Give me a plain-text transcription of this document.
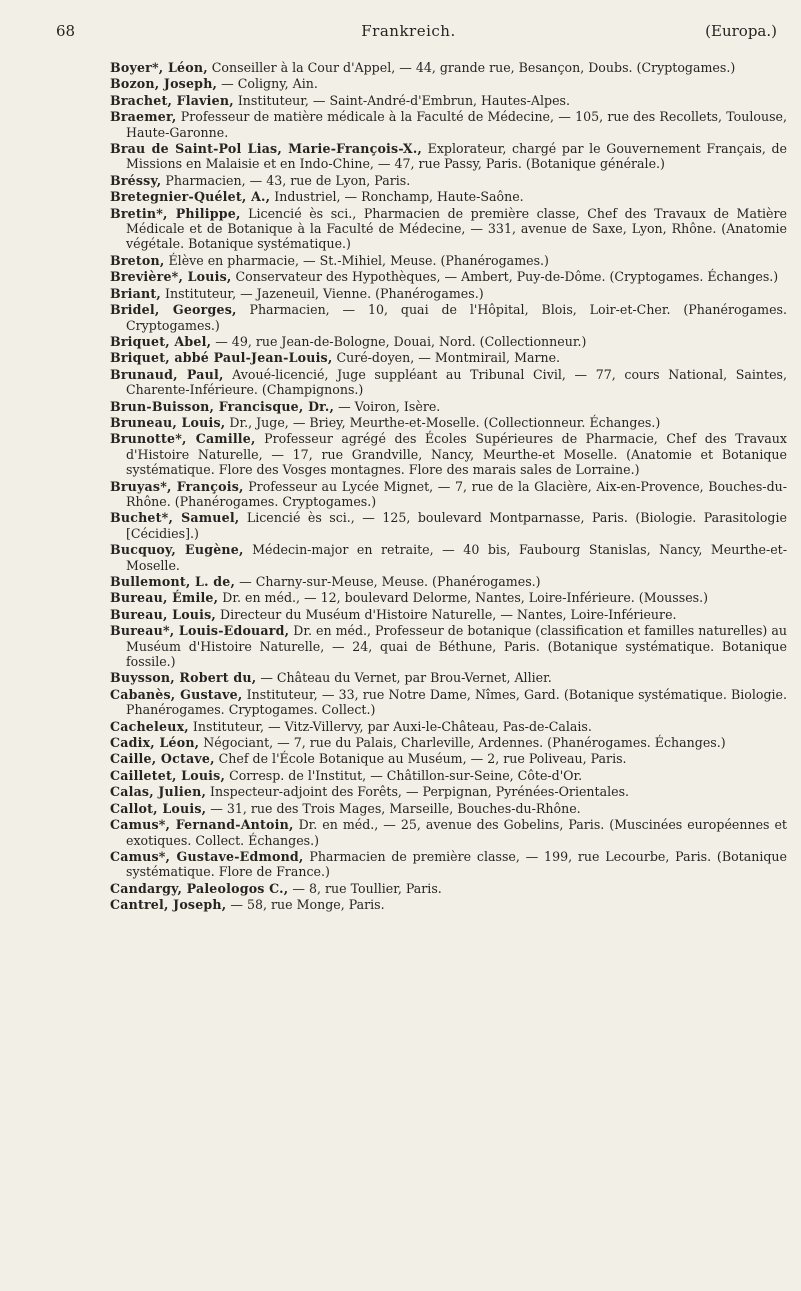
68	Frankreich.	(Europa.)

Boyer*, Léon, Conseiller à la Cour d'Appel, — 44, grande rue, Besançon, Doubs. (Cryptogames.)

Bozon, Joseph, — Coligny, Ain.

Brachet, Flavien, Instituteur, — Saint-André-d'Embrun, Hautes-Alpes.

Braemer, Professeur de matière médicale à la Faculté de Médecine, — 105, rue des Recollets, Toulouse, Haute-Garonne.

Brau de Saint-Pol Lias, Marie-François-X., Explorateur, chargé par le Gouvernement Français, de Missions en Malaisie et en Indo-Chine, — 47, rue Passy, Paris. (Botanique générale.)

Bréssy, Pharmacien, — 43, rue de Lyon, Paris.

Bretegnier-Quélet, A., Industriel, — Ronchamp, Haute-Saône.

Bretin*, Philippe, Licencié ès sci., Pharmacien de première classe, Chef des Travaux de Matière Médicale et de Botanique à la Faculté de Médecine, — 331, avenue de Saxe, Lyon, Rhône. (Anatomie végétale. Botanique systématique.)

Breton, Élève en pharmacie, — St.-Mihiel, Meuse. (Phanérogames.)

Brevière*, Louis, Conservateur des Hypothèques, — Ambert, Puy-de-Dôme. (Cryptogames. Échanges.)

Briant, Instituteur, — Jazeneuil, Vienne. (Phanérogames.)

Bridel, Georges, Pharmacien, — 10, quai de l'Hôpital, Blois, Loir-et-Cher. (Phanérogames. Cryptogames.)

Briquet, Abel, — 49, rue Jean-de-Bologne, Douai, Nord. (Collectionneur.)

Briquet, abbé Paul-Jean-Louis, Curé-doyen, — Montmirail, Marne.

Brunaud, Paul, Avoué-licencié, Juge suppléant au Tribunal Civil, — 77, cours National, Saintes, Charente-Inférieure. (Champignons.)

Brun-Buisson, Francisque, Dr., — Voiron, Isère.

Bruneau, Louis, Dr., Juge, — Briey, Meurthe-et-Moselle. (Collectionneur. Échanges.)

Brunotte*, Camille, Professeur agrégé des Écoles Supérieures de Pharmacie, Chef des Travaux d'Histoire Naturelle, — 17, rue Grandville, Nancy, Meurthe-et Moselle. (Anatomie et Botanique systématique. Flore des Vosges montagnes. Flore des marais sales de Lorraine.)

Bruyas*, François, Professeur au Lycée Mignet, — 7, rue de la Glacière, Aix-en-Provence, Bouches-du-Rhône. (Phanérogames. Cryptogames.)

Buchet*, Samuel, Licencié ès sci., — 125, boulevard Montparnasse, Paris. (Biologie. Parasitologie [Cécidies].)

Bucquoy, Eugène, Médecin-major en retraite, — 40 bis, Faubourg Stanislas, Nancy, Meurthe-et-Moselle.

Bullemont, L. de, — Charny-sur-Meuse, Meuse. (Phanérogames.)

Bureau, Émile, Dr. en méd., — 12, boulevard Delorme, Nantes, Loire-Inférieure. (Mousses.)

Bureau, Louis, Directeur du Muséum d'Histoire Naturelle, — Nantes, Loire-Inférieure.

Bureau*, Louis-Edouard, Dr. en méd., Professeur de botanique (classification et familles naturelles) au Muséum d'Histoire Naturelle, — 24, quai de Béthune, Paris. (Botanique systématique. Botanique fossile.)

Buysson, Robert du, — Château du Vernet, par Brou-Vernet, Allier.

Cabanès, Gustave, Instituteur, — 33, rue Notre Dame, Nîmes, Gard. (Botanique systématique. Biologie. Phanérogames. Cryptogames. Collect.)

Cacheleux, Instituteur, — Vitz-Villervy, par Auxi-le-Château, Pas-de-Calais.

Cadix, Léon, Négociant, — 7, rue du Palais, Charleville, Ardennes. (Phanérogames. Échanges.)

Caille, Octave, Chef de l'École Botanique au Muséum, — 2, rue Poliveau, Paris.

Cailletet, Louis, Corresp. de l'Institut, — Châtillon-sur-Seine, Côte-d'Or.

Calas, Julien, Inspecteur-adjoint des Forêts, — Perpignan, Pyrénées-Orientales.

Callot, Louis, — 31, rue des Trois Mages, Marseille, Bouches-du-Rhône.

Camus*, Fernand-Antoin, Dr. en méd., — 25, avenue des Gobelins, Paris. (Muscinées européennes et exotiques. Collect. Échanges.)

Camus*, Gustave-Edmond, Pharmacien de première classe, — 199, rue Lecourbe, Paris. (Botanique systématique. Flore de France.)

Candargy, Paleologos C., — 8, rue Toullier, Paris.

Cantrel, Joseph, — 58, rue Monge, Paris.
